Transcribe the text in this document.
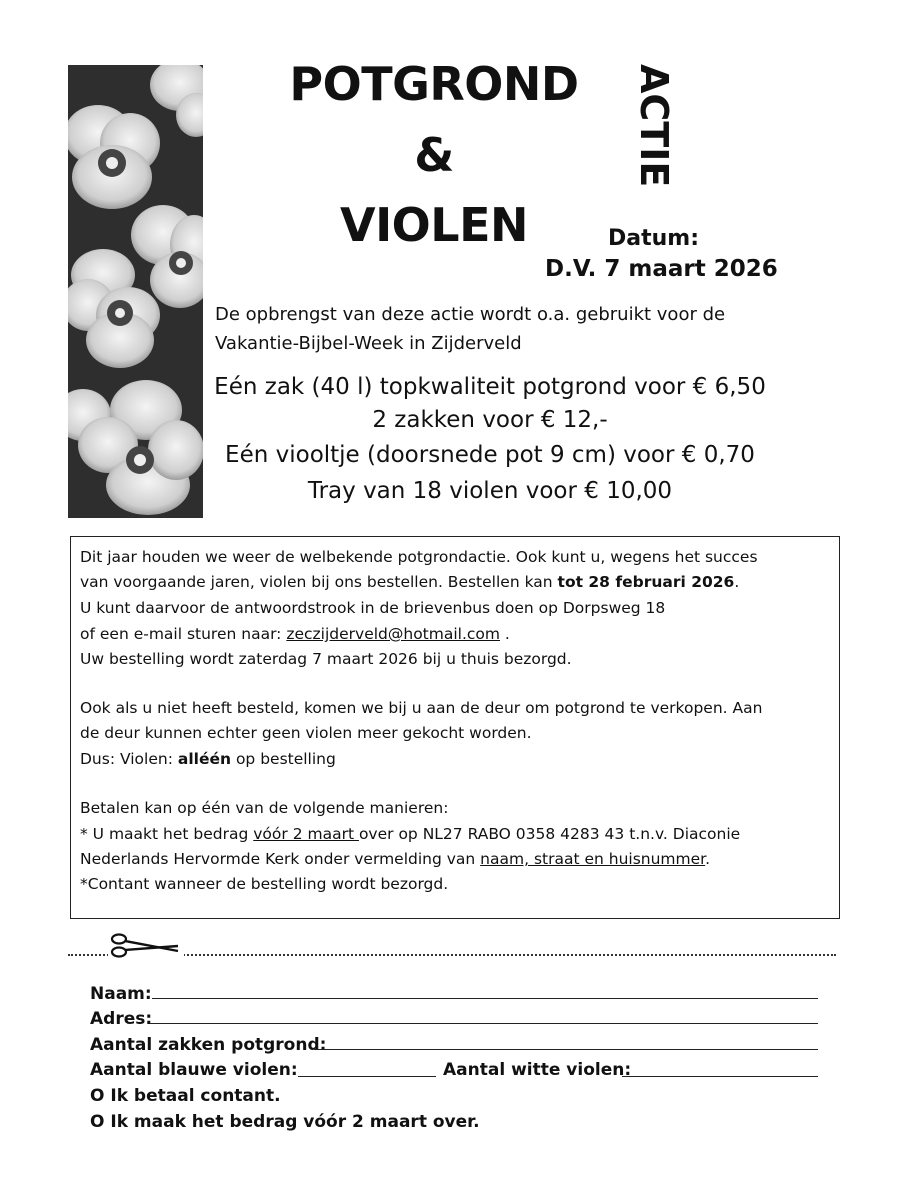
POTGROND
&
VIOLEN
ACTIE
Datum:
D.V. 7 maart 2026
De opbrengst van deze actie wordt o.a. gebruikt voor de
Vakantie-Bijbel-Week in Zijderveld
Eén zak (40 l) topkwaliteit potgrond voor € 6,50
2 zakken voor € 12,-
Eén viooltje (doorsnede pot 9 cm) voor € 0,70
Tray van 18 violen voor € 10,00
Dit jaar houden we weer de welbekende potgrondactie. Ook kunt u, wegens het succes
van voorgaande jaren, violen bij ons bestellen. Bestellen kan tot 28 februari 2026.
U kunt daarvoor de antwoordstrook in de brievenbus doen op Dorpsweg 18
of een e-mail sturen naar: zeczijderveld@hotmail.com .
Uw bestelling wordt zaterdag 7 maart 2026 bij u thuis bezorgd.
Ook als u niet heeft besteld, komen we bij u aan de deur om potgrond te verkopen. Aan
de deur kunnen echter geen violen meer gekocht worden.
Dus: Violen: alléén op bestelling
Betalen kan op één van de volgende manieren:
* U maakt het bedrag vóór 2 maart over op NL27 RABO 0358 4283 43 t.n.v. Diaconie
Nederlands Hervormde Kerk onder vermelding van naam, straat en huisnummer.
*Contant wanneer de bestelling wordt bezorgd.
Naam:
Adres:
Aantal zakken potgrond:
Aantal blauwe violen:	Aantal witte violen:
O Ik betaal contant.
O Ik maak het bedrag vóór 2 maart over.
